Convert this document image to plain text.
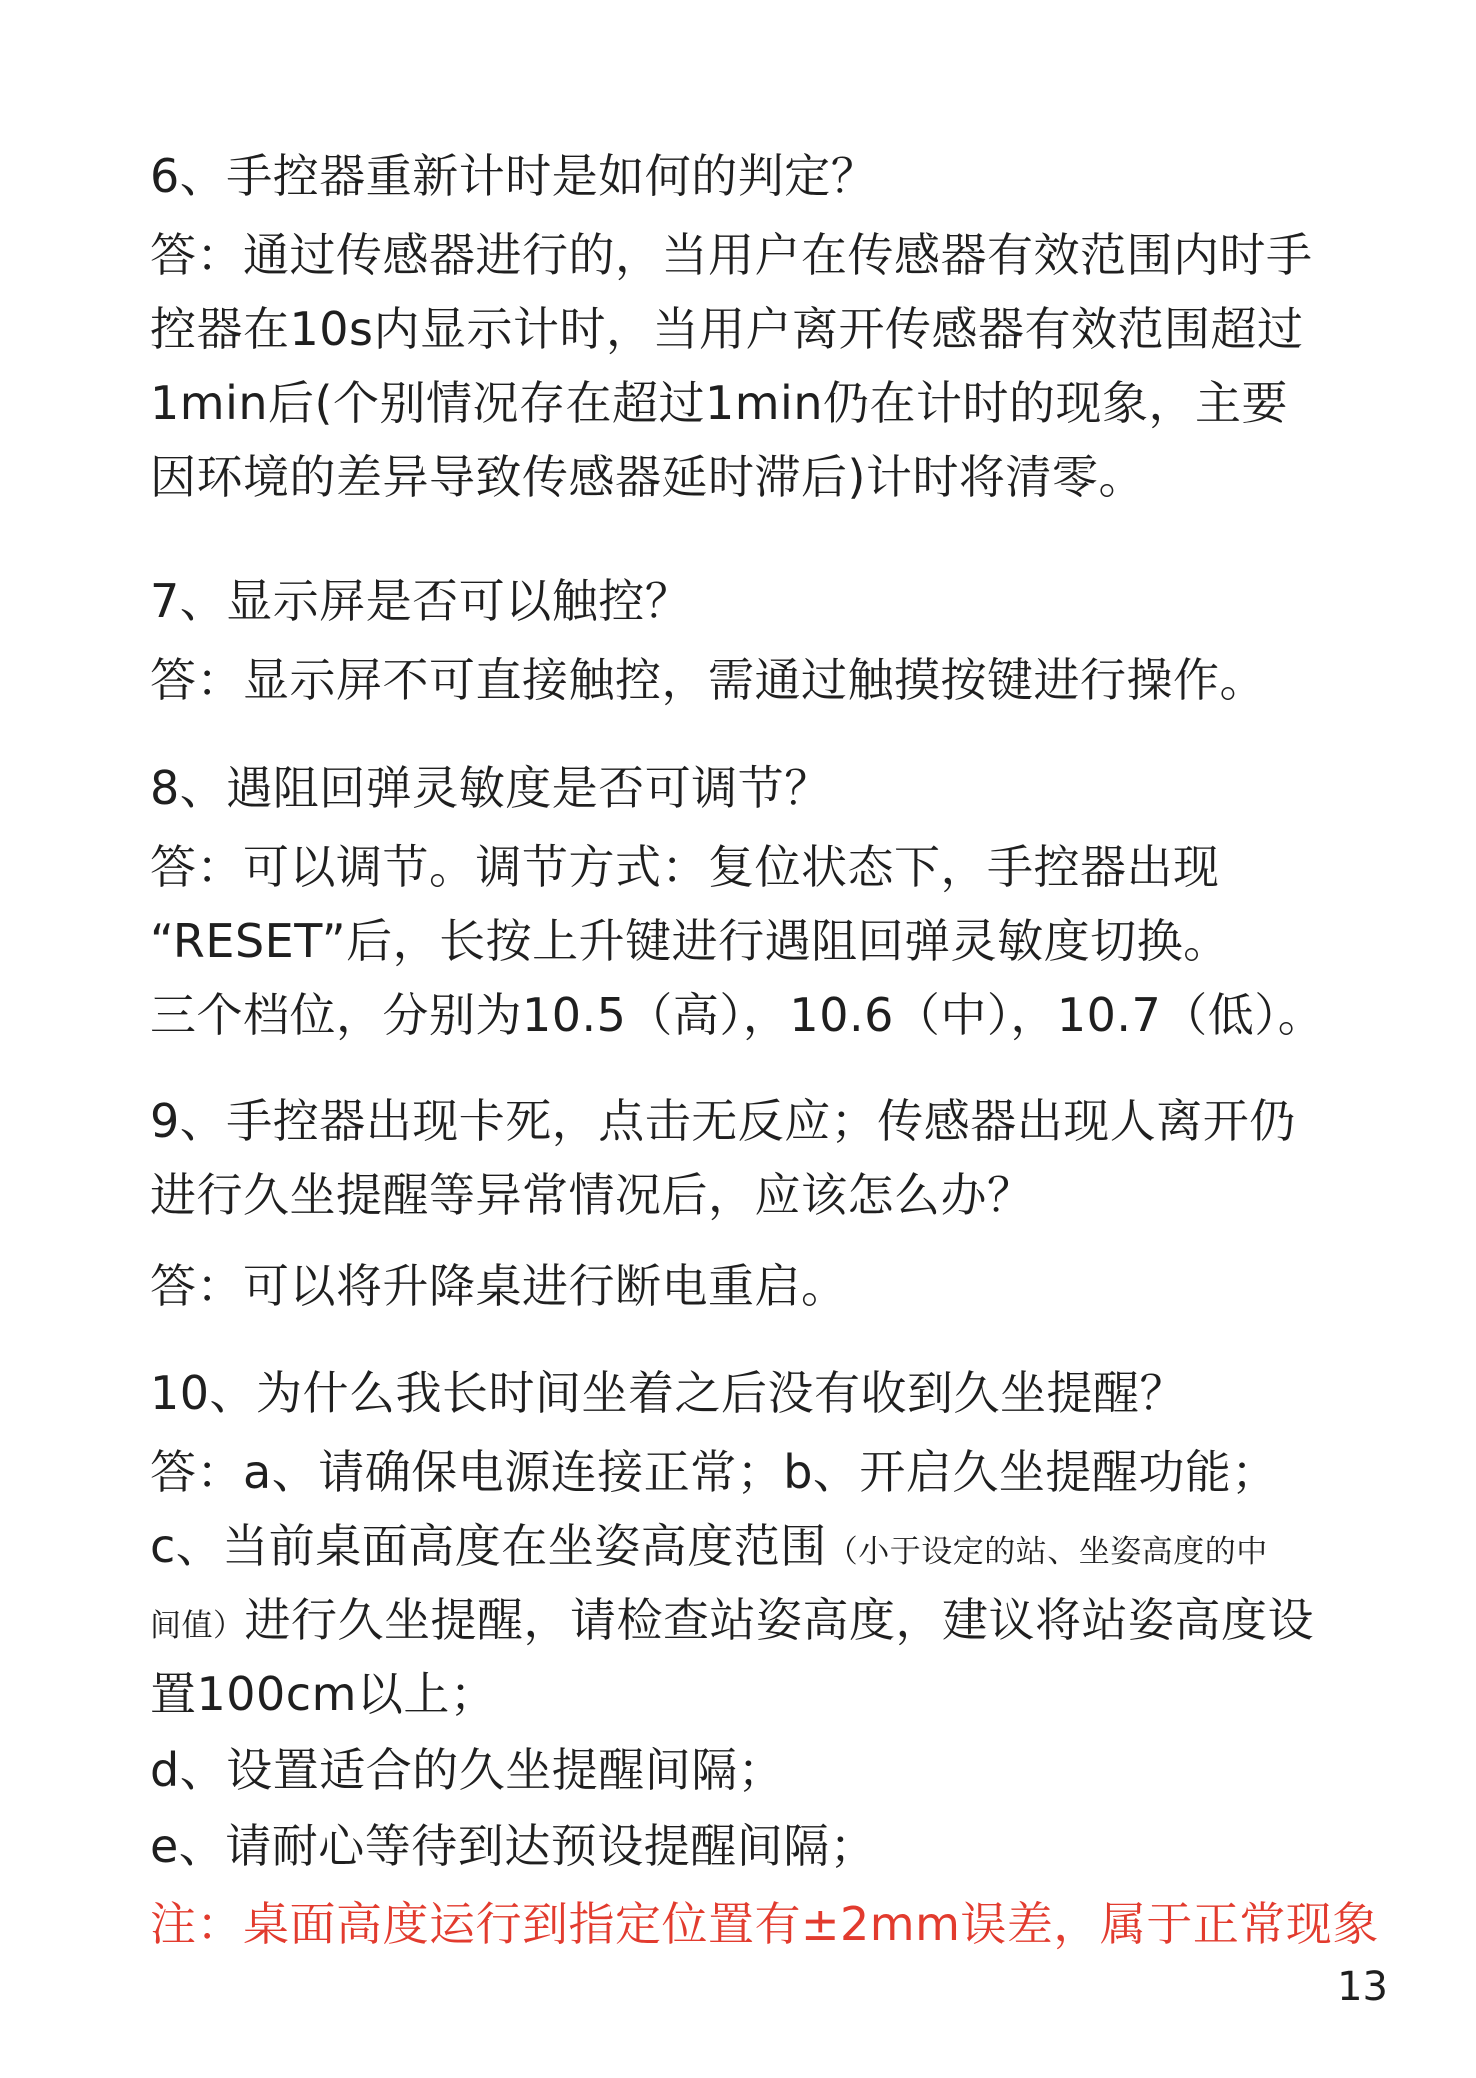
6、手控器重新计时是如何的判定？
答：通过传感器进行的，当用户在传感器有效范围内时手
控器在10s内显示计时，当用户离开传感器有效范围超过
1min后(个别情况存在超过1min仍在计时的现象，主要
因环境的差异导致传感器延时滞后)计时将清零。
7、显示屏是否可以触控？
答：显示屏不可直接触控，需通过触摸按键进行操作。
8、遇阻回弹灵敏度是否可调节？
答：可以调节。调节方式：复位状态下，手控器出现
“RESET”后，长按上升键进行遇阻回弹灵敏度切换。
三个档位，分别为10.5（高），10.6（中），10.7（低）。
9、手控器出现卡死，点击无反应；传感器出现人离开仍
进行久坐提醒等异常情况后，应该怎么办？
答：可以将升降桌进行断电重启。
10、为什么我长时间坐着之后没有收到久坐提醒？
答：a、请确保电源连接正常；b、开启久坐提醒功能；
c、当前桌面高度在坐姿高度范围（小于设定的站、坐姿高度的中
间值）进行久坐提醒，请检查站姿高度，建议将站姿高度设
置100cm以上；
d、设置适合的久坐提醒间隔；
e、请耐心等待到达预设提醒间隔；
注：桌面高度运行到指定位置有±2mm误差，属于正常现象
13
